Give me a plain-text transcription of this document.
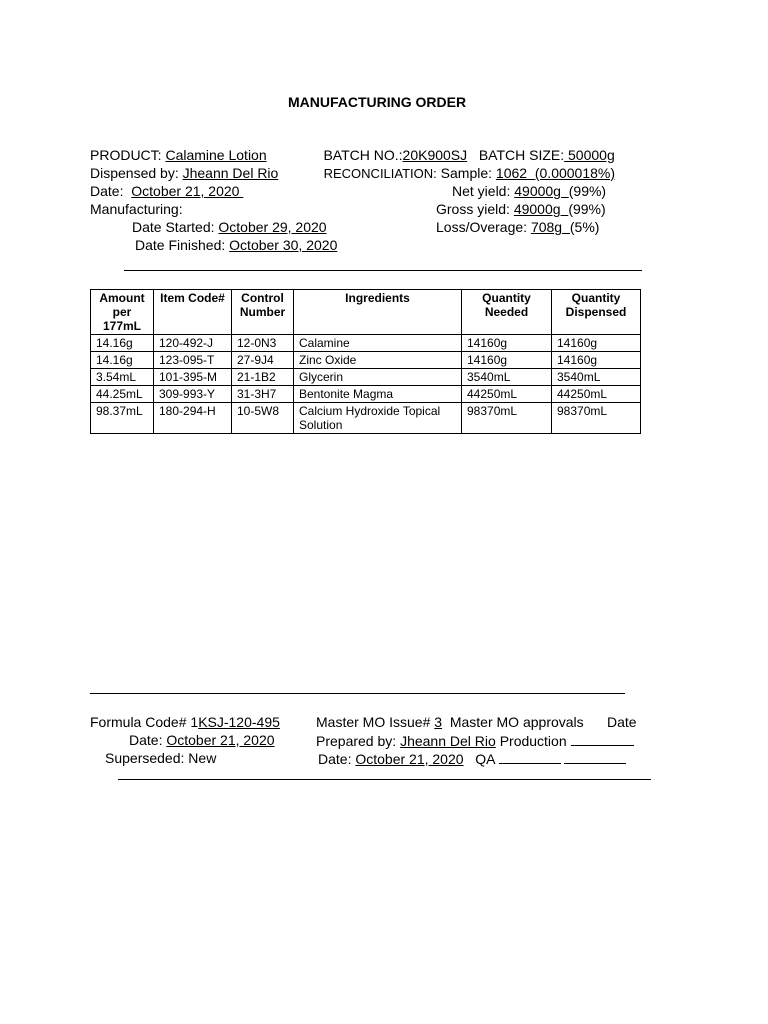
MANUFACTURING ORDER
PRODUCT: Calamine Lotion	BATCH NO.:20K900SJ BATCH SIZE: 50000g
Dispensed by: Jheann Del Rio	RECONCILIATION: Sample: 1062 (0.000018%)
Date: October 21, 2020	Net yield: 49000g (99%)
Manufacturing:	Gross yield: 49000g (99%)
Date Started: October 29, 2020	Loss/Overage: 708g (5%)
Date Finished: October 30, 2020
Amount per 177mL	Item Code#	Control Number	Ingredients	Quantity Needed	Quantity Dispensed
14.16g	120-492-J	12-0N3	Calamine	14160g	14160g
14.16g	123-095-T	27-9J4	Zinc Oxide	14160g	14160g
3.54mL	101-395-M	21-1B2	Glycerin	3540mL	3540mL
44.25mL	309-993-Y	31-3H7	Bentonite Magma	44250mL	44250mL
98.37mL	180-294-H	10-5W8	Calcium Hydroxide Topical Solution	98370mL	98370mL
Formula Code# 1KSJ-120-495	Master MO Issue# 3 Master MO approvals Date
Date: October 21, 2020	Prepared by: Jheann Del Rio Production
Superseded: New	Date: October 21, 2020 QA
